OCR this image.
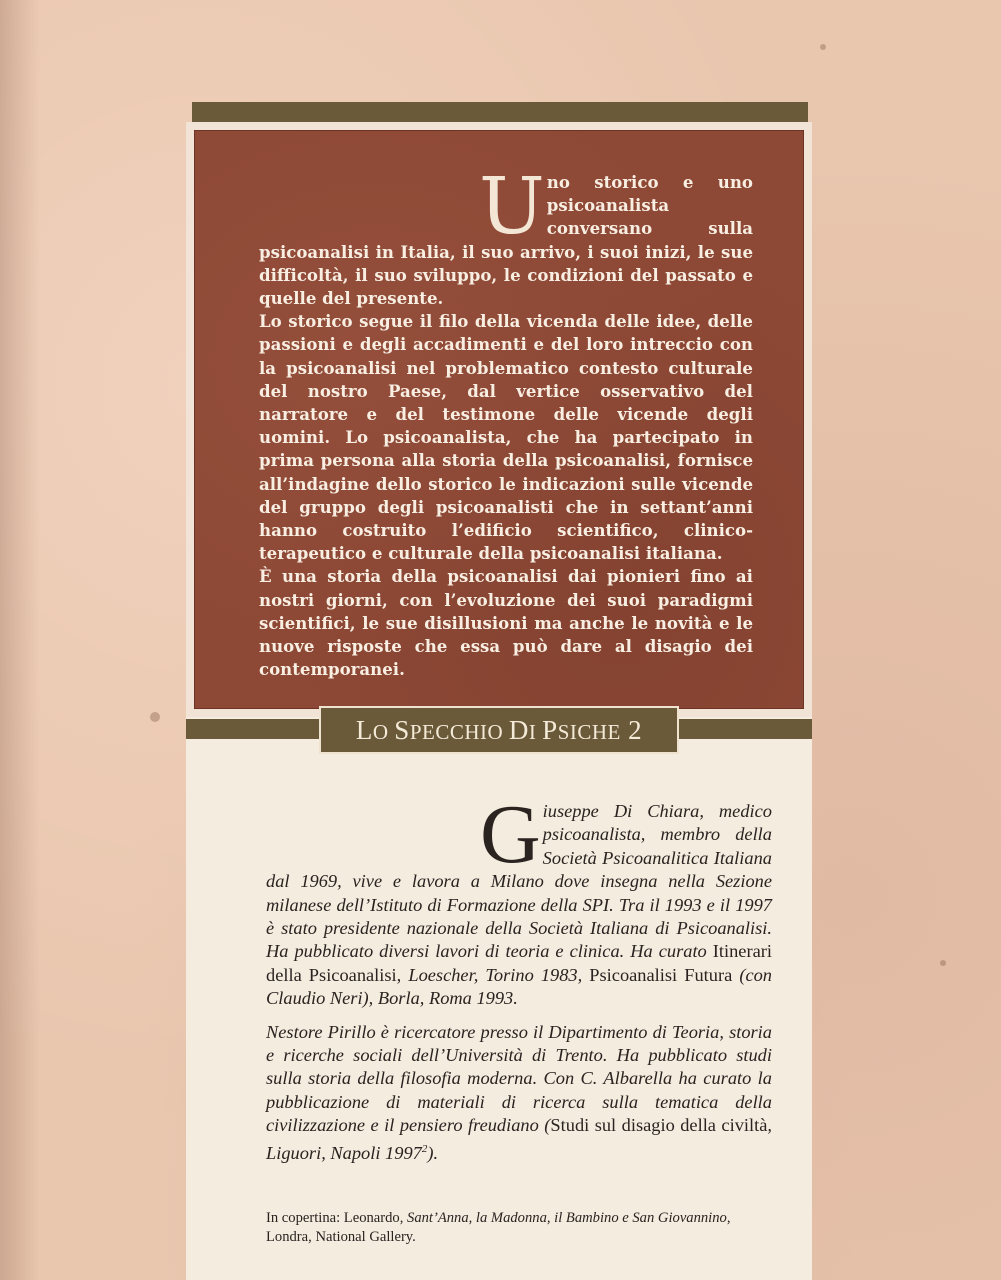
Uno storico e uno psicoanalista conversano sulla psicoanalisi in Italia, il suo arrivo, i suoi inizi, le sue difficoltà, il suo sviluppo, le condizioni del passato e quelle del presente.

Lo storico segue il filo della vicenda delle idee, delle passioni e degli accadimenti e del loro intreccio con la psicoanalisi nel problematico contesto culturale del nostro Paese, dal vertice osservativo del narratore e del testimone delle vicende degli uomini. Lo psicoanalista, che ha partecipato in prima persona alla storia della psicoanalisi, fornisce all’indagine dello storico le indicazioni sulle vicende del gruppo degli psicoanalisti che in settant’anni hanno costruito l’edificio scientifico, clinico-terapeutico e culturale della psicoanalisi italiana.

È una storia della psicoanalisi dai pionieri fino ai nostri giorni, con l’evoluzione dei suoi paradigmi scientifici, le sue disillusioni ma anche le novità e le nuove risposte che essa può dare al disagio dei contemporanei.

LO SPECCHIO DI PSICHE 2

Giuseppe Di Chiara, medico psicoanalista, membro della Società Psicoanalitica Italiana dal 1969, vive e lavora a Milano dove insegna nella Sezione milanese dell’Istituto di Formazione della SPI. Tra il 1993 e il 1997 è stato presidente nazionale della Società Italiana di Psicoanalisi. Ha pubblicato diversi lavori di teoria e clinica. Ha curato Itinerari della Psicoanalisi, Loescher, Torino 1983, Psicoanalisi Futura (con Claudio Neri), Borla, Roma 1993.

Nestore Pirillo è ricercatore presso il Dipartimento di Teoria, storia e ricerche sociali dell’Università di Trento. Ha pubblicato studi sulla storia della filosofia moderna. Con C. Albarella ha curato la pubblicazione di materiali di ricerca sulla tematica della civilizzazione e il pensiero freudiano (Studi sul disagio della civiltà, Liguori, Napoli 1997$^2$).

In copertina: Leonardo, Sant’Anna, la Madonna, il Bambino e San Giovannino, Londra, National Gallery.
